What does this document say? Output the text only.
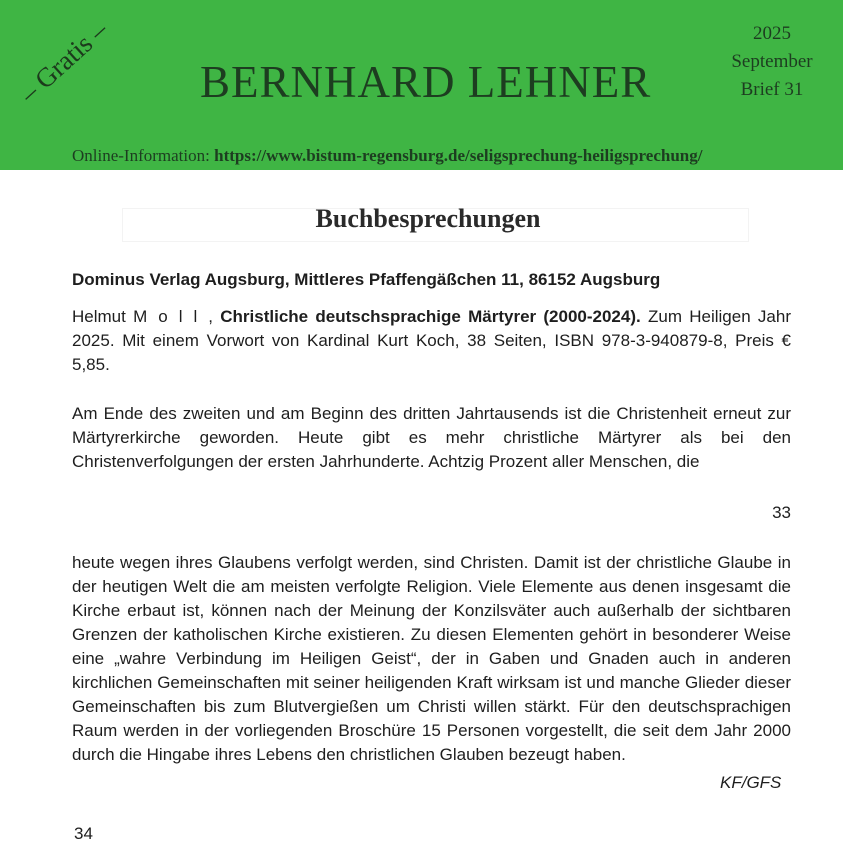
– Gratis – BERNHARD LEHNER
2025
September
Brief 31
Online-Information: https://www.bistum-regensburg.de/seligsprechung-heiligsprechung/
Buchbesprechungen
Dominus Verlag Augsburg, Mittleres Pfaffengäßchen 11, 86152 Augsburg

Helmut Moll, Christliche deutschsprachige Märtyrer (2000-2024). Zum Heiligen Jahr 2025. Mit einem Vorwort von Kardinal Kurt Koch, 38 Seiten, ISBN 978-3-940879-8, Preis € 5,85.

Am Ende des zweiten und am Beginn des dritten Jahrtausends ist die Christenheit erneut zur Märtyrerkirche geworden. Heute gibt es mehr christliche Märtyrer als bei den Christenverfolgungen der ersten Jahrhunderte. Achtzig Prozent aller Menschen, die

33

heute wegen ihres Glaubens verfolgt werden, sind Christen. Damit ist der christliche Glaube in der heutigen Welt die am meisten verfolgte Religion. Viele Elemente aus denen insgesamt die Kirche erbaut ist, können nach der Meinung der Konzilsväter auch außerhalb der sichtbaren Grenzen der katholischen Kirche existieren. Zu diesen Elementen gehört in besonderer Weise eine „wahre Verbindung im Heiligen Geist“, der in Gaben und Gnaden auch in anderen kirchlichen Gemeinschaften mit seiner heiligenden Kraft wirksam ist und manche Glieder dieser Gemeinschaften bis zum Blutvergießen um Christi willen stärkt. Für den deutschsprachigen Raum werden in der vorliegenden Broschüre 15 Personen vorgestellt, die seit dem Jahr 2000 durch die Hingabe ihres Lebens den christlichen Glauben bezeugt haben.

KF/GFS
34
